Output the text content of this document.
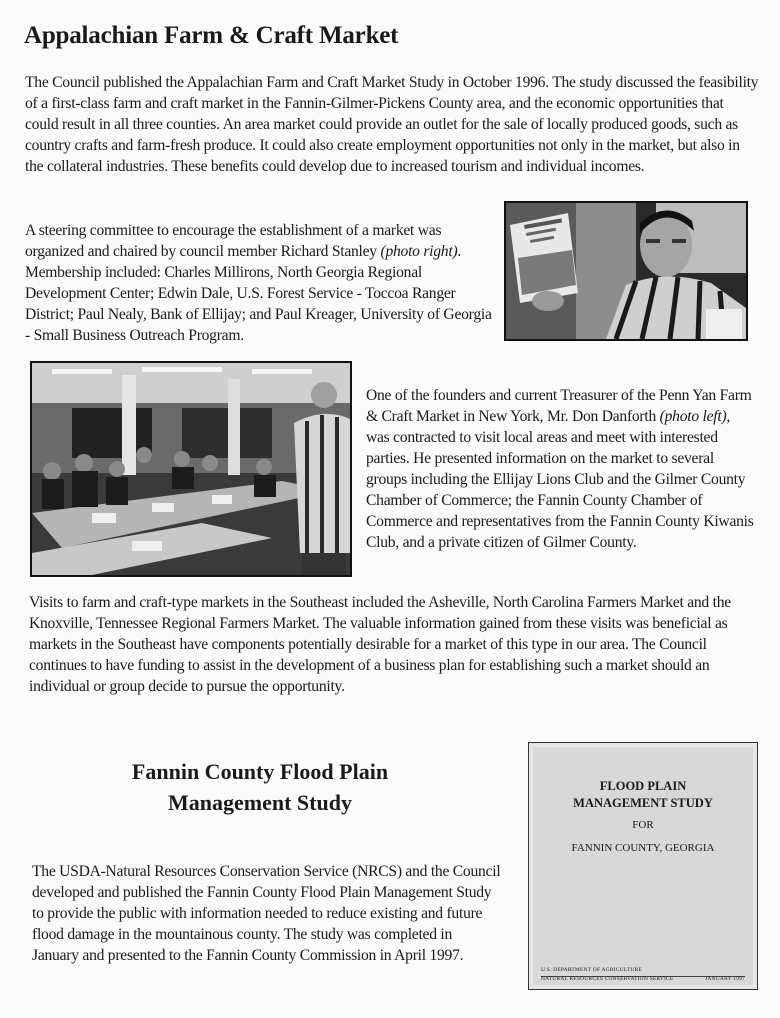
Appalachian Farm & Craft Market

The Council published the Appalachian Farm and Craft Market Study in October 1996. The study discussed the feasibility of a first-class farm and craft market in the Fannin-Gilmer-Pickens County area, and the economic opportunities that could result in all three counties. An area market could provide an outlet for the sale of locally produced goods, such as country crafts and farm-fresh produce. It could also create employment opportunities not only in the market, but also in the collateral industries. These benefits could develop due to increased tourism and individual incomes.

A steering committee to encourage the establishment of a market was organized and chaired by council member Richard Stanley (photo right). Membership included: Charles Millirons, North Georgia Regional Development Center; Edwin Dale, U.S. Forest Service - Toccoa Ranger District; Paul Nealy, Bank of Ellijay; and Paul Kreager, University of Georgia - Small Business Outreach Program.

One of the founders and current Treasurer of the Penn Yan Farm & Craft Market in New York, Mr. Don Danforth (photo left), was contracted to visit local areas and meet with interested parties. He presented information on the market to several groups including the Ellijay Lions Club and the Gilmer County Chamber of Commerce; the Fannin County Chamber of Commerce and representatives from the Fannin County Kiwanis Club, and a private citizen of Gilmer County.

Visits to farm and craft-type markets in the Southeast included the Asheville, North Carolina Farmers Market and the Knoxville, Tennessee Regional Farmers Market. The valuable information gained from these visits was beneficial as markets in the Southeast have components potentially desirable for a market of this type in our area. The Council continues to have funding to assist in the development of a business plan for establishing such a market should an individual or group decide to pursue the opportunity.

Fannin County Flood Plain
Management Study

The USDA-Natural Resources Conservation Service (NRCS) and the Council developed and published the Fannin County Flood Plain Management Study to provide the public with information needed to reduce existing and future flood damage in the mountainous county. The study was completed in January and presented to the Fannin County Commission in April 1997.

FLOOD PLAIN

MANAGEMENT STUDY

FOR

FANNIN COUNTY, GEORGIA

U.S. DEPARTMENT OF AGRICULTURE

NATURAL RESOURCES CONSERVATION SERVICE	JANUARY 1997
